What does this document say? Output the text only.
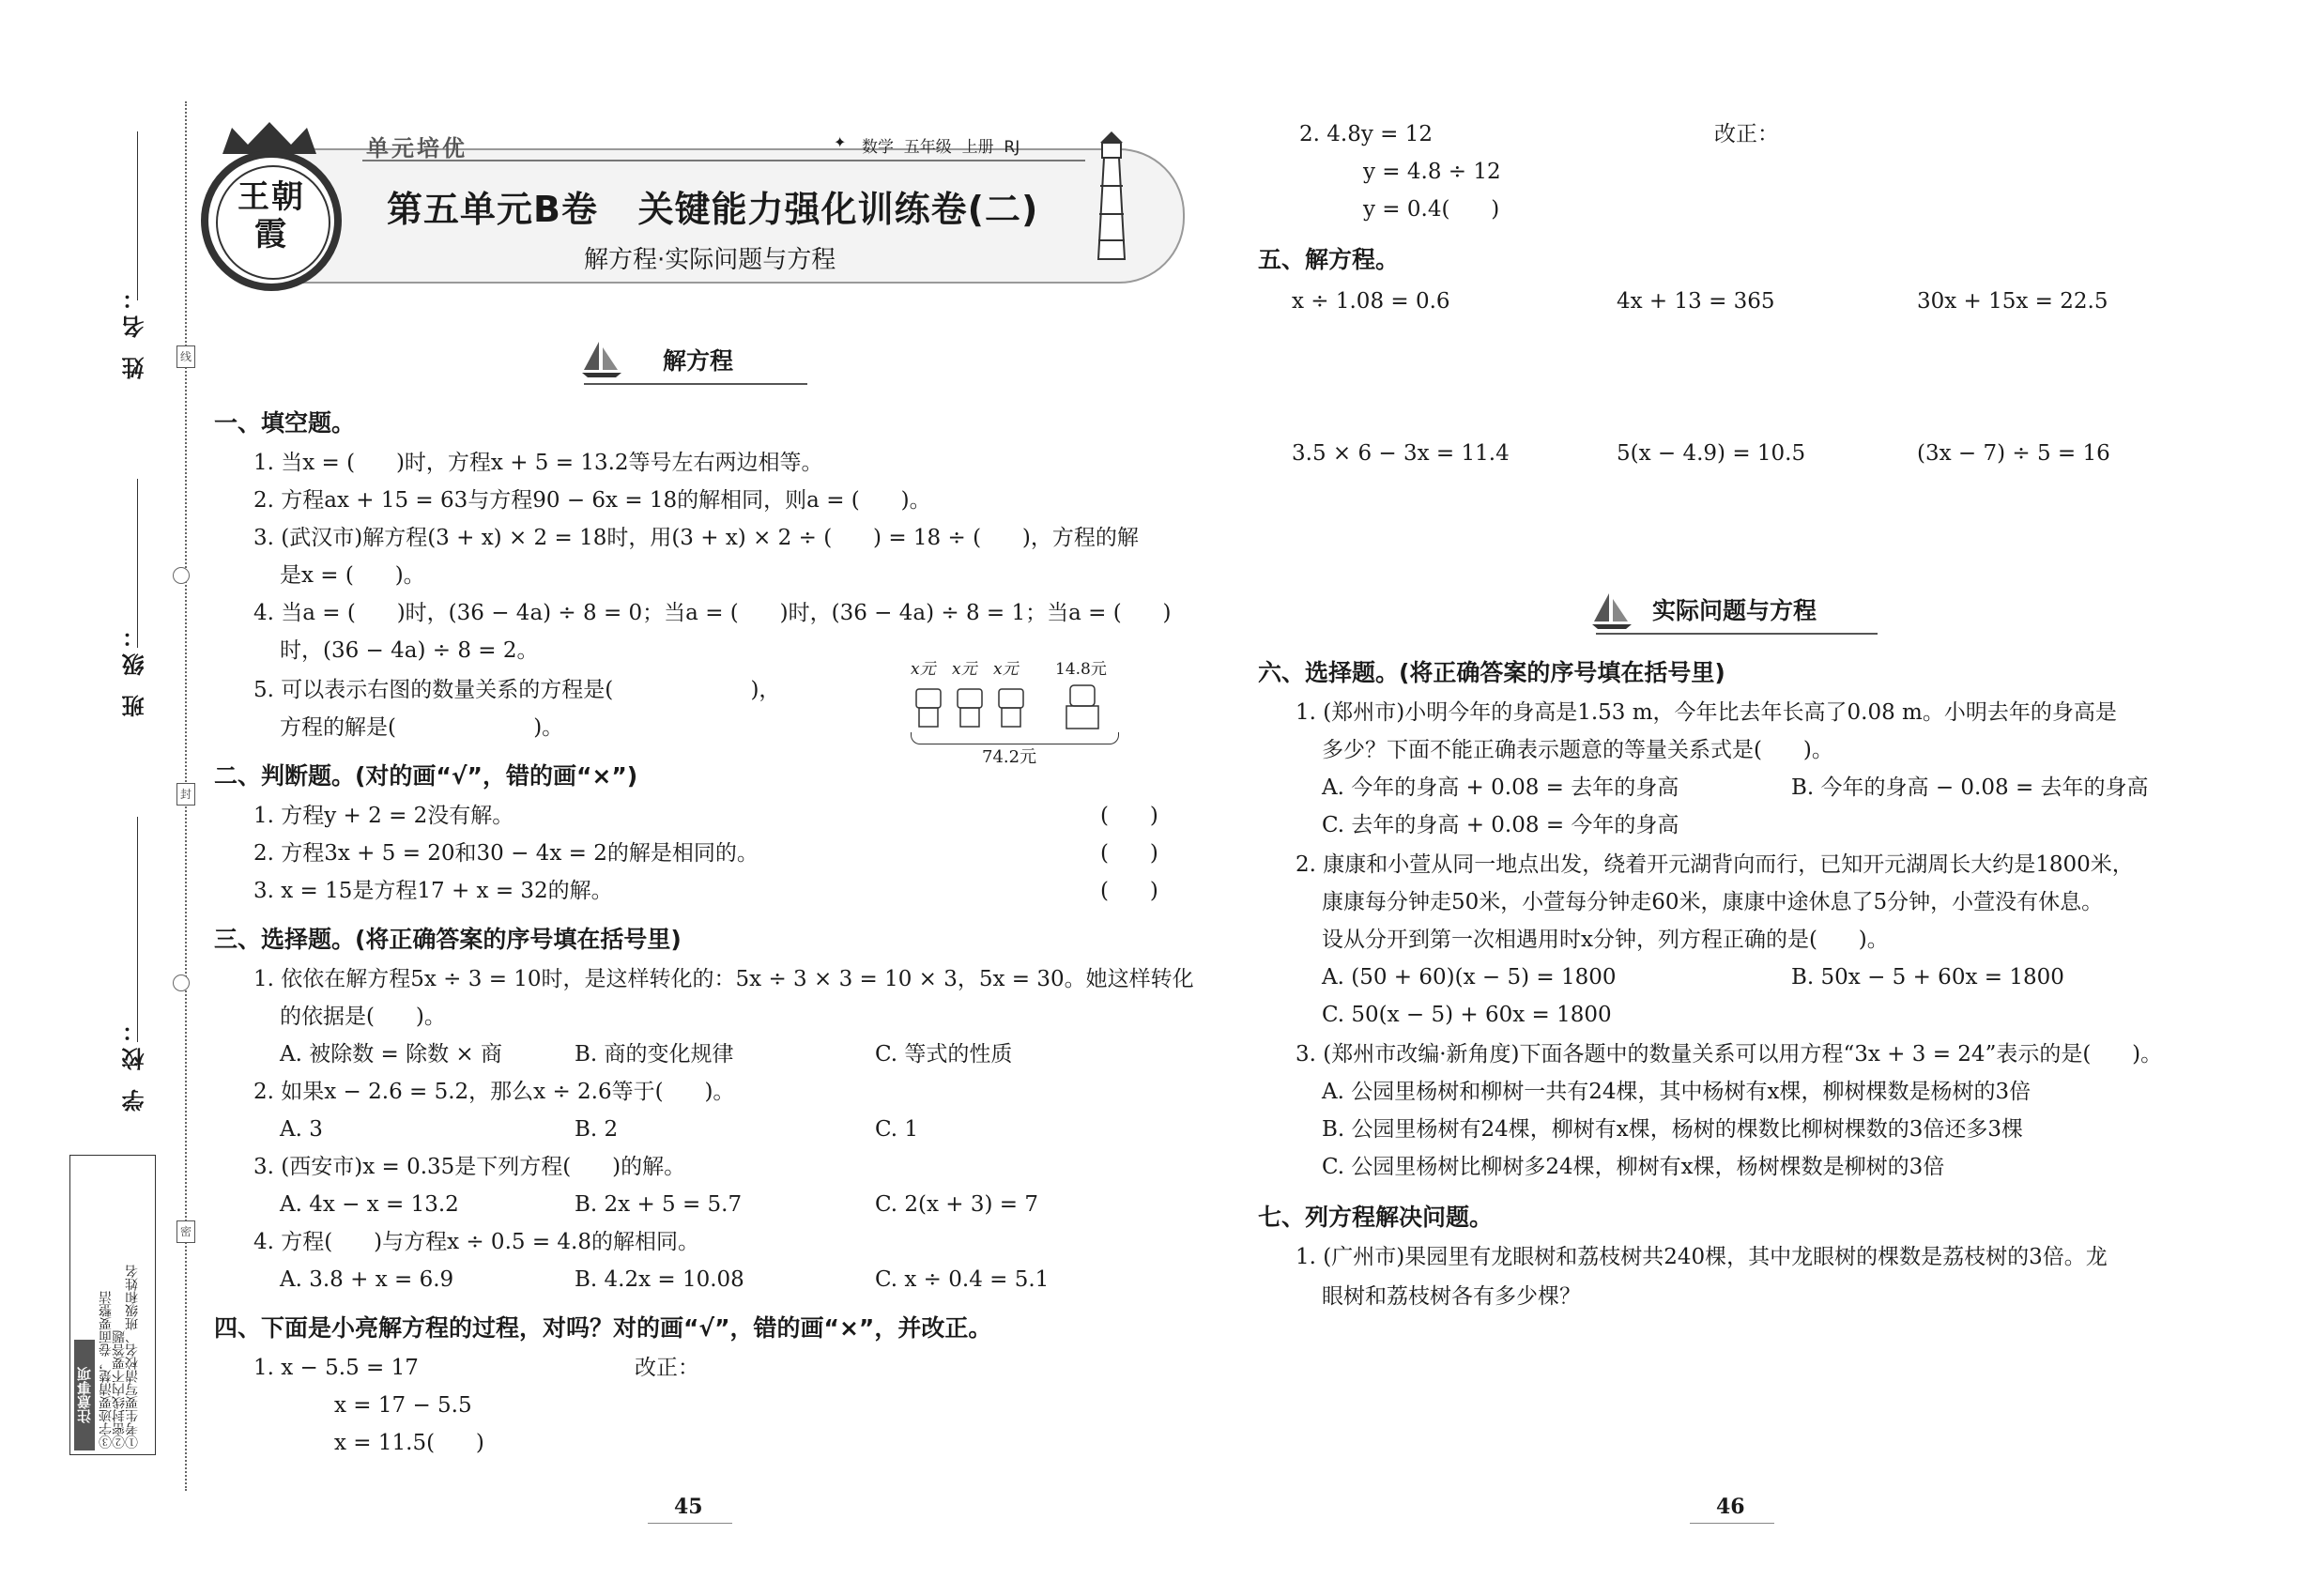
姓 名：
班 级：
学 校：
线
封
密
注意事项 ①考生要写清校名、班级和姓名
②密封线内不要答题
③字迹要清楚，卷面要整洁
王朝霞
单元培优	数学  五年级  上册  RJ
✦
第五单元B卷   关键能力强化训练卷(二)
解方程·实际问题与方程
解方程
一、填空题。
1. 当x = (      )时，方程x + 5 = 13.2等号左右两边相等。
2. 方程ax + 15 = 63与方程90 − 6x = 18的解相同，则a = (      )。
3. (武汉市)解方程(3 + x) × 2 = 18时，用(3 + x) × 2 ÷ (      ) = 18 ÷ (      )，方程的解
是x = (      )。
4. 当a = (      )时，(36 − 4a) ÷ 8 = 0；当a = (      )时，(36 − 4a) ÷ 8 = 1；当a = (      )
时，(36 − 4a) ÷ 8 = 2。
5. 可以表示右图的数量关系的方程是(                    )，
方程的解是(                    )。
x元 x元 x元 14.8元
74.2元
二、判断题。(对的画“√”，错的画“×”)
1. 方程y + 2 = 2没有解。	(      )
2. 方程3x + 5 = 20和30 − 4x = 2的解是相同的。	(      )
3. x = 15是方程17 + x = 32的解。	(      )
三、选择题。(将正确答案的序号填在括号里)
1. 依依在解方程5x ÷ 3 = 10时，是这样转化的：5x ÷ 3 × 3 = 10 × 3，5x = 30。她这样转化
的依据是(      )。
A. 被除数 = 除数 × 商	B. 商的变化规律	C. 等式的性质
2. 如果x − 2.6 = 5.2，那么x ÷ 2.6等于(      )。
A. 3	B. 2	C. 1
3. (西安市)x = 0.35是下列方程(      )的解。
A. 4x − x = 13.2	B. 2x + 5 = 5.7	C. 2(x + 3) = 7
4. 方程(      )与方程x ÷ 0.5 = 4.8的解相同。
A. 3.8 + x = 6.9	B. 4.2x = 10.08	C. x ÷ 0.4 = 5.1
四、下面是小亮解方程的过程，对吗？对的画“√”，错的画“×”，并改正。
1. x − 5.5 = 17	改正：
x = 17 − 5.5
x = 11.5(      )
45
2. 4.8y = 12	改正：
y = 4.8 ÷ 12
y = 0.4(      )
五、解方程。
x ÷ 1.08 = 0.6	4x + 13 = 365	30x + 15x = 22.5
3.5 × 6 − 3x = 11.4	5(x − 4.9) = 10.5	(3x − 7) ÷ 5 = 16
实际问题与方程
六、选择题。(将正确答案的序号填在括号里)
1. (郑州市)小明今年的身高是1.53 m，今年比去年长高了0.08 m。小明去年的身高是
多少？下面不能正确表示题意的等量关系式是(      )。
A. 今年的身高 + 0.08 = 去年的身高	B. 今年的身高 − 0.08 = 去年的身高
C. 去年的身高 + 0.08 = 今年的身高
2. 康康和小萱从同一地点出发，绕着开元湖背向而行，已知开元湖周长大约是1800米，
康康每分钟走50米，小萱每分钟走60米，康康中途休息了5分钟，小萱没有休息。
设从分开到第一次相遇用时x分钟，列方程正确的是(      )。
A. (50 + 60)(x − 5) = 1800	B. 50x − 5 + 60x = 1800
C. 50(x − 5) + 60x = 1800
3. (郑州市改编·新角度)下面各题中的数量关系可以用方程“3x + 3 = 24”表示的是(      )。
A. 公园里杨树和柳树一共有24棵，其中杨树有x棵，柳树棵数是杨树的3倍
B. 公园里杨树有24棵，柳树有x棵，杨树的棵数比柳树棵数的3倍还多3棵
C. 公园里杨树比柳树多24棵，柳树有x棵，杨树棵数是柳树的3倍
七、列方程解决问题。
1. (广州市)果园里有龙眼树和荔枝树共240棵，其中龙眼树的棵数是荔枝树的3倍。龙
眼树和荔枝树各有多少棵？
46
